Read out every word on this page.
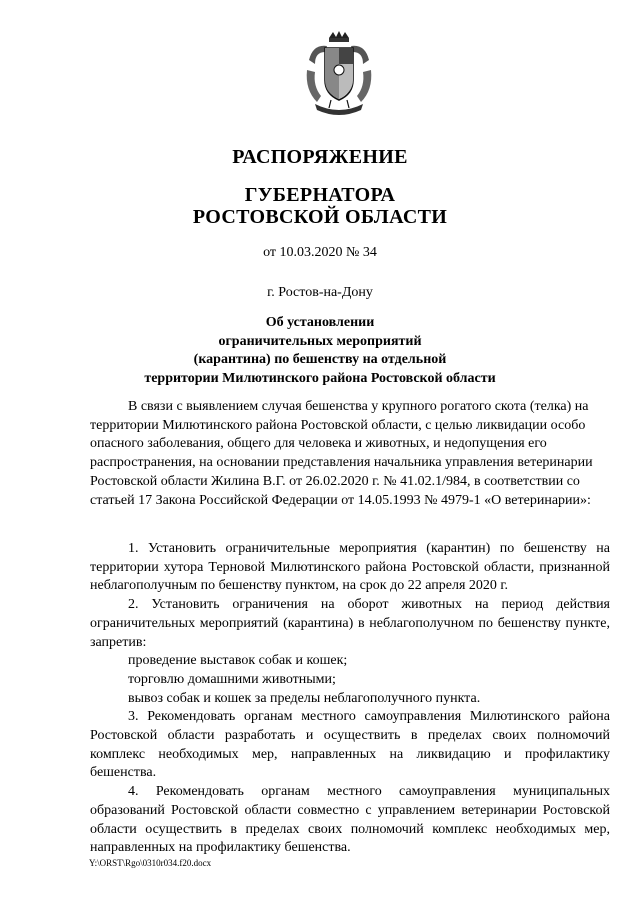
РАСПОРЯЖЕНИЕ
ГУБЕРНАТОРА
РОСТОВСКОЙ ОБЛАСТИ
от 10.03.2020 № 34
г. Ростов-на-Дону
Об установлении
ограничительных мероприятий
(карантина) по бешенству на отдельной
территории Милютинского района Ростовской области

В связи с выявлением случая бешенства у крупного рогатого скота (телка) на территории Милютинского района Ростовской области, с целью ликвидации особо опасного заболевания, общего для человека и животных, и недопущения его распространения, на основании представления начальника управления ветеринарии Ростовской области Жилина В.Г. от 26.02.2020 г. № 41.02.1/984, в соответствии со статьей 17 Закона Российской Федерации от 14.05.1993 № 4979-1 «О ветеринарии»:

1. Установить ограничительные мероприятия (карантин) по бешенству на территории хутора Терновой Милютинского района Ростовской области, признанной неблагополучным по бешенству пунктом, на срок до 22 апреля 2020 г.

2. Установить ограничения на оборот животных на период действия ограничительных мероприятий (карантина) в неблагополучном по бешенству пункте, запретив:

проведение выставок собак и кошек;

торговлю домашними животными;

вывоз собак и кошек за пределы неблагополучного пункта.

3. Рекомендовать органам местного самоуправления Милютинского района Ростовской области разработать и осуществить в пределах своих полномочий комплекс необходимых мер, направленных на ликвидацию и профилактику бешенства.

4. Рекомендовать органам местного самоуправления муниципальных образований Ростовской области совместно с управлением ветеринарии Ростовской области осуществить в пределах своих полномочий комплекс необходимых мер, направленных на профилактику бешенства.

Y:\ORST\Rgo\0310r034.f20.docx
